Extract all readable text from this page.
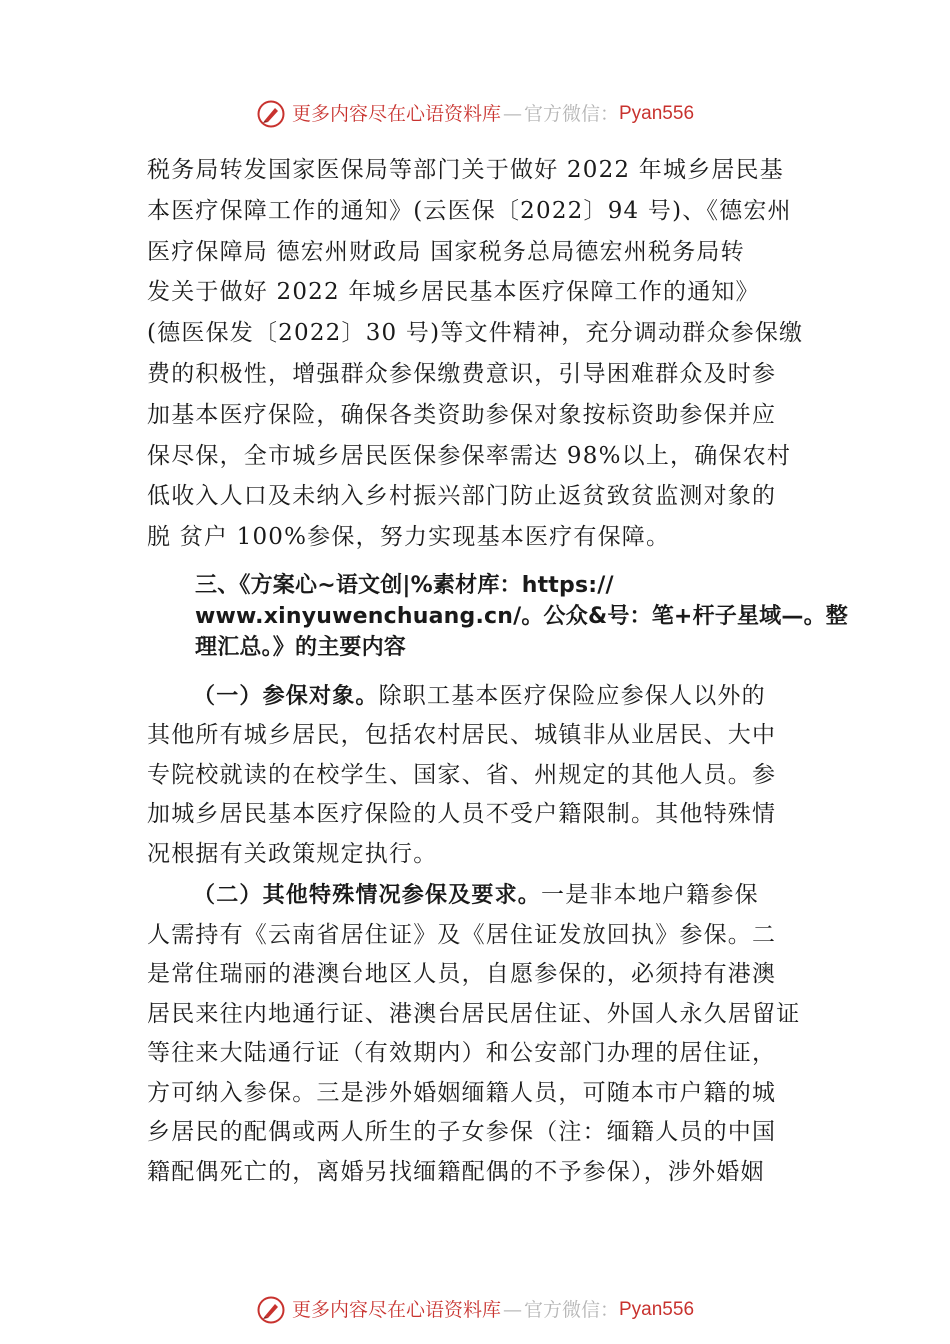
更多内容尽在心语资料库 — 官方微信： Pyan556
税务局转发国家医保局等部门关于做好 2022 年城乡居民基
本医疗保障工作的通知》(云医保〔2022〕94 号)、《德宏州
医疗保障局 德宏州财政局 国家税务总局德宏州税务局转
发关于做好 2022 年城乡居民基本医疗保障工作的通知》
(德医保发〔2022〕30 号)等文件精神，充分调动群众参保缴
费的积极性，增强群众参保缴费意识，引导困难群众及时参
加基本医疗保险，确保各类资助参保对象按标资助参保并应
保尽保，全市城乡居民医保参保率需达 98%以上，确保农村
低收入人口及未纳入乡村振兴部门防止返贫致贫监测对象的
脱 贫户 100%参保，努力实现基本医疗有保障。
三、《方案心~语文创|%素材库：https://
www.xinyuwenchuang.cn/。公众&号：笔+杆子星域—。整
理汇总。》的主要内容
（一）参保对象。除职工基本医疗保险应参保人以外的
其他所有城乡居民，包括农村居民、城镇非从业居民、大中
专院校就读的在校学生、国家、省、州规定的其他人员。参
加城乡居民基本医疗保险的人员不受户籍限制。其他特殊情
况根据有关政策规定执行。
（二）其他特殊情况参保及要求。一是非本地户籍参保
人需持有《云南省居住证》及《居住证发放回执》参保。二
是常住瑞丽的港澳台地区人员，自愿参保的，必须持有港澳
居民来往内地通行证、港澳台居民居住证、外国人永久居留证
等往来大陆通行证（有效期内）和公安部门办理的居住证，
方可纳入参保。三是涉外婚姻缅籍人员，可随本市户籍的城
乡居民的配偶或两人所生的子女参保（注：缅籍人员的中国
籍配偶死亡的，离婚另找缅籍配偶的不予参保），涉外婚姻
更多内容尽在心语资料库 — 官方微信： Pyan556
